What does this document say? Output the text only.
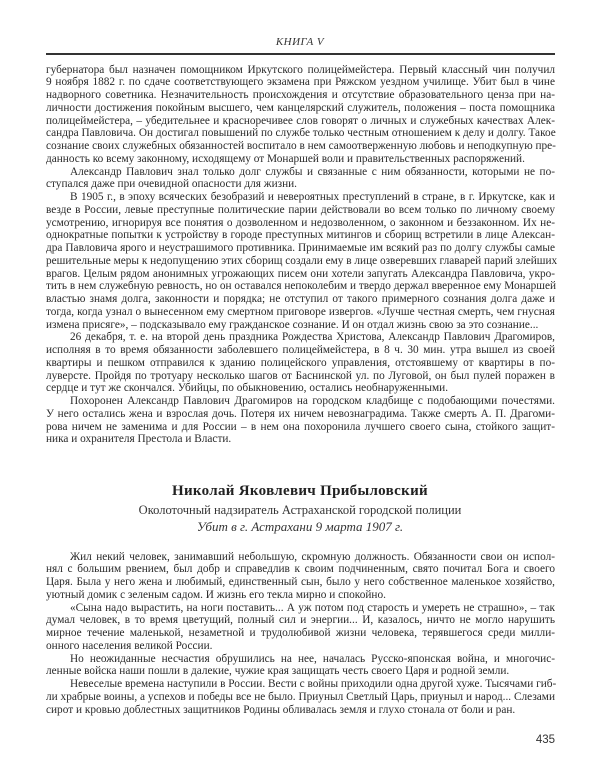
КНИГА V
губернатора был назначен помощником Иркутского полицеймейстера. Первый классный чин получил
9 ноября 1882 г. по сдаче соответствующего экзамена при Ряжском уездном училище. Убит был в чине
надворного советника. Незначительность происхождения и отсутствие образовательного ценза при на-
личности достижения покойным высшего, чем канцелярский служитель, положения – поста помощника
полицеймейстера, – убедительнее и красноречивее слов говорят о личных и служебных качествах Алек-
сандра Павловича. Он достигал повышений по службе только честным отношением к делу и долгу. Такое
сознание своих служебных обязанностей воспитало в нем самоотверженную любовь и неподкупную пре-
данность ко всему законному, исходящему от Монаршей воли и правительственных распоряжений.
Александр Павлович знал только долг службы и связанные с ним обязанности, которыми не по-
ступался даже при очевидной опасности для жизни.
В 1905 г., в эпоху всяческих безобразий и невероятных преступлений в стране, в г. Иркутске, как и
везде в России, левые преступные политические парии действовали во всем только по личному своему
усмотрению, игнорируя все понятия о дозволенном и недозволенном, о законном и беззаконном. Их не-
однократные попытки к устройству в городе преступных митингов и сборищ встретили в лице Алексан-
дра Павловича ярого и неустрашимого противника. Принимаемые им всякий раз по долгу службы самые
решительные меры к недопущению этих сборищ создали ему в лице озверевших главарей парий злейших
врагов. Целым рядом анонимных угрожающих писем они хотели запугать Александра Павловича, укро-
тить в нем служебную ревность, но он оставался непоколебим и твердо держал вверенное ему Монаршей
властью знамя долга, законности и порядка; не отступил от такого примерного сознания долга даже и
тогда, когда узнал о вынесенном ему смертном приговоре извергов. «Лучше честная смерть, чем гнусная
измена присяге», – подсказывало ему гражданское сознание. И он отдал жизнь свою за это сознание...
26 декабря, т. е. на второй день праздника Рождества Христова, Александр Павлович Драгомиров,
исполняя в то время обязанности заболевшего полицеймейстера, в 8 ч. 30 мин. утра вышел из своей
квартиры и пешком отправился к зданию полицейского управления, отстоявшему от квартиры в по-
луверсте. Пройдя по тротуару несколько шагов от Баснинской ул. по Луговой, он был пулей поражен в
сердце и тут же скончался. Убийцы, по обыкновению, остались необнаруженными.
Похоронен Александр Павлович Драгомиров на городском кладбище с подобающими почестями.
У него остались жена и взрослая дочь. Потеря их ничем невознаградима. Также смерть А. П. Драгоми-
рова ничем не заменима и для России – в нем она похоронила лучшего своего сына, стойкого защит-
ника и охранителя Престола и Власти.
Николай Яковлевич Прибыловский
Околоточный надзиратель Астраханской городской полиции
Убит в г. Астрахани 9 марта 1907 г.
Жил некий человек, занимавший небольшую, скромную должность. Обязанности свои он испол-
нял с большим рвением, был добр и справедлив к своим подчиненным, свято почитал Бога и своего
Царя. Была у него жена и любимый, единственный сын, было у него собственное маленькое хозяйство,
уютный домик с зеленым садом. И жизнь его текла мирно и спокойно.
«Сына надо вырастить, на ноги поставить... А уж потом под старость и умереть не страшно», – так
думал человек, в то время цветущий, полный сил и энергии... И, казалось, ничто не могло нарушить
мирное течение маленькой, незаметной и трудолюбивой жизни человека, терявшегося среди милли-
онного населения великой России.
Но неожиданные несчастия обрушились на нее, началась Русско-японская война, и многочис-
ленные войска наши пошли в далекие, чужие края защищать честь своего Царя и родной земли.
Невеселые времена наступили в России. Вести с войны приходили одна другой хуже. Тысячами гиб-
ли храбрые воины, а успехов и победы все не было. Приуныл Светлый Царь, приуныл и народ... Слезами
сирот и кровью доблестных защитников Родины обливалась земля и глухо стонала от боли и ран.
435
